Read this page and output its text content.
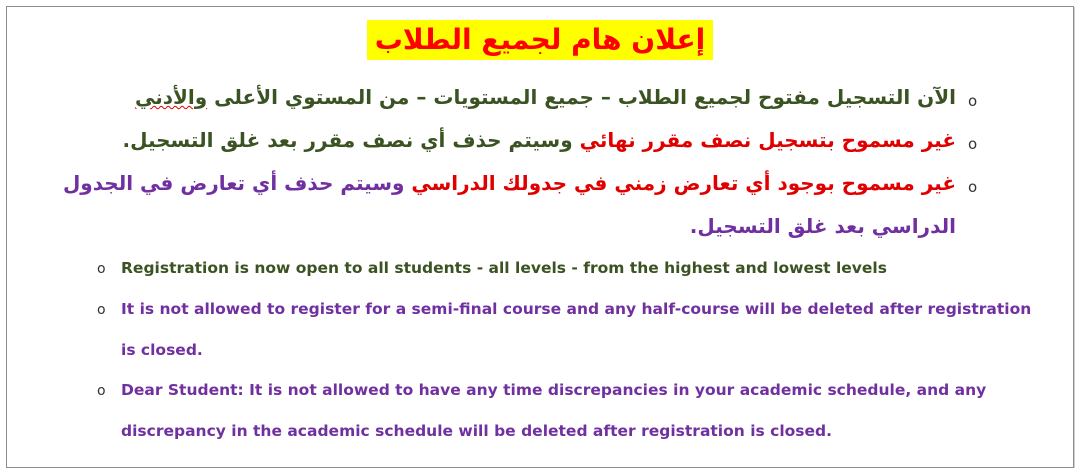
إعلان هام لجميع الطلاب
o
الآن التسجيل مفتوح لجميع الطلاب – جميع المستويات – من المستوي الأعلى والأدني
o
غير مسموح بتسجيل نصف مقرر نهائي وسيتم حذف أي نصف مقرر بعد غلق التسجيل.
o
غير مسموح بوجود أي تعارض زمني في جدولك الدراسي وسيتم حذف أي تعارض في الجدول
الدراسي بعد غلق التسجيل.
o Registration is now open to all students - all levels - from the highest and lowest levels
o It is not allowed to register for a semi-final course and any half-course will be deleted after registration
is closed.
o Dear Student: It is not allowed to have any time discrepancies in your academic schedule, and any
discrepancy in the academic schedule will be deleted after registration is closed.
